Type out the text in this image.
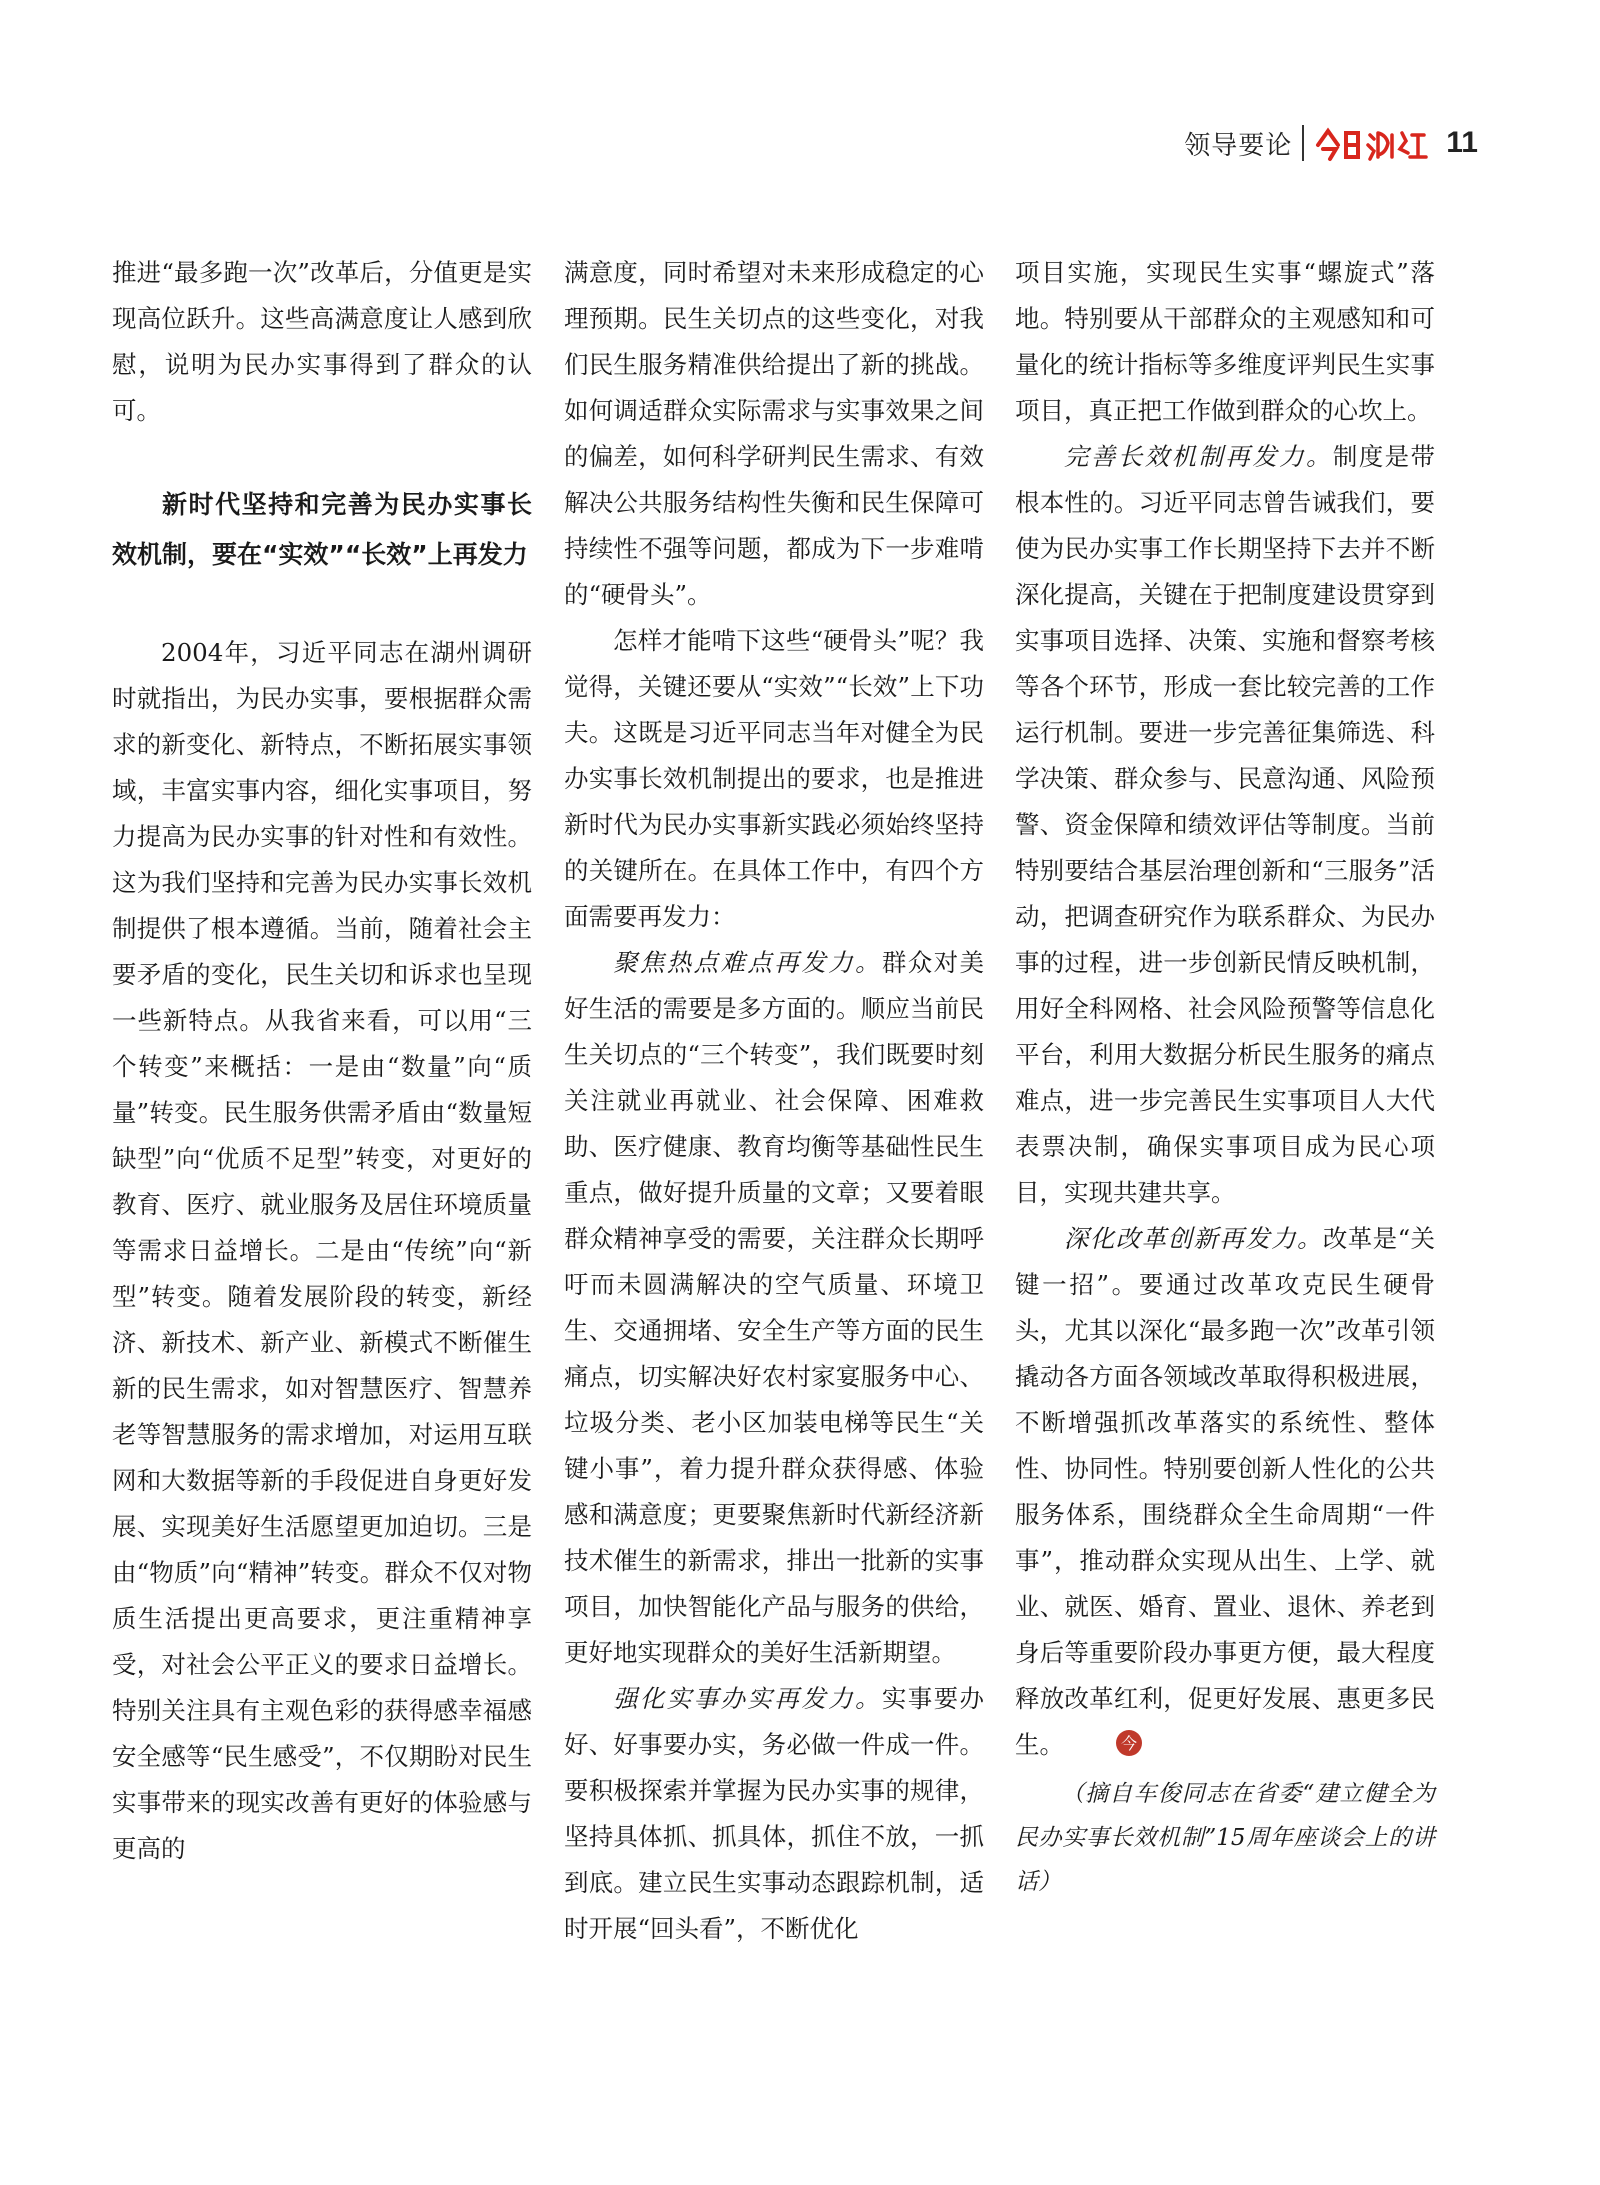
领导要论	11

推进“最多跑一次”改革后，分值更是实现高位跃升。这些高满意度让人感到欣慰，说明为民办实事得到了群众的认可。

新时代坚持和完善为民办实事长效机制，要在“实效”“长效”上再发力

2004年，习近平同志在湖州调研时就指出，为民办实事，要根据群众需求的新变化、新特点，不断拓展实事领域，丰富实事内容，细化实事项目，努力提高为民办实事的针对性和有效性。这为我们坚持和完善为民办实事长效机制提供了根本遵循。当前，随着社会主要矛盾的变化，民生关切和诉求也呈现一些新特点。从我省来看，可以用“三个转变”来概括：一是由“数量”向“质量”转变。民生服务供需矛盾由“数量短缺型”向“优质不足型”转变，对更好的教育、医疗、就业服务及居住环境质量等需求日益增长。二是由“传统”向“新型”转变。随着发展阶段的转变，新经济、新技术、新产业、新模式不断催生新的民生需求，如对智慧医疗、智慧养老等智慧服务的需求增加，对运用互联网和大数据等新的手段促进自身更好发展、实现美好生活愿望更加迫切。三是由“物质”向“精神”转变。群众不仅对物质生活提出更高要求，更注重精神享受，对社会公平正义的要求日益增长。特别关注具有主观色彩的获得感幸福感安全感等“民生感受”，不仅期盼对民生实事带来的现实改善有更好的体验感与更高的

满意度，同时希望对未来形成稳定的心理预期。民生关切点的这些变化，对我们民生服务精准供给提出了新的挑战。如何调适群众实际需求与实事效果之间的偏差，如何科学研判民生需求、有效解决公共服务结构性失衡和民生保障可持续性不强等问题，都成为下一步难啃的“硬骨头”。

怎样才能啃下这些“硬骨头”呢？我觉得，关键还要从“实效”“长效”上下功夫。这既是习近平同志当年对健全为民办实事长效机制提出的要求，也是推进新时代为民办实事新实践必须始终坚持的关键所在。在具体工作中，有四个方面需要再发力：

聚焦热点难点再发力。群众对美好生活的需要是多方面的。顺应当前民生关切点的“三个转变”，我们既要时刻关注就业再就业、社会保障、困难救助、医疗健康、教育均衡等基础性民生重点，做好提升质量的文章；又要着眼群众精神享受的需要，关注群众长期呼吁而未圆满解决的空气质量、环境卫生、交通拥堵、安全生产等方面的民生痛点，切实解决好农村家宴服务中心、垃圾分类、老小区加装电梯等民生“关键小事”，着力提升群众获得感、体验感和满意度；更要聚焦新时代新经济新技术催生的新需求，排出一批新的实事项目，加快智能化产品与服务的供给，更好地实现群众的美好生活新期望。

强化实事办实再发力。实事要办好、好事要办实，务必做一件成一件。要积极探索并掌握为民办实事的规律，坚持具体抓、抓具体，抓住不放，一抓到底。建立民生实事动态跟踪机制，适时开展“回头看”，不断优化

项目实施，实现民生实事“螺旋式”落地。特别要从干部群众的主观感知和可量化的统计指标等多维度评判民生实事项目，真正把工作做到群众的心坎上。

完善长效机制再发力。制度是带根本性的。习近平同志曾告诫我们，要使为民办实事工作长期坚持下去并不断深化提高，关键在于把制度建设贯穿到实事项目选择、决策、实施和督察考核等各个环节，形成一套比较完善的工作运行机制。要进一步完善征集筛选、科学决策、群众参与、民意沟通、风险预警、资金保障和绩效评估等制度。当前特别要结合基层治理创新和“三服务”活动，把调查研究作为联系群众、为民办事的过程，进一步创新民情反映机制，用好全科网格、社会风险预警等信息化平台，利用大数据分析民生服务的痛点难点，进一步完善民生实事项目人大代表票决制，确保实事项目成为民心项目，实现共建共享。

深化改革创新再发力。改革是“关键一招”。要通过改革攻克民生硬骨头，尤其以深化“最多跑一次”改革引领撬动各方面各领域改革取得积极进展，不断增强抓改革落实的系统性、整体性、协同性。特别要创新人性化的公共服务体系，围绕群众全生命周期“一件事”，推动群众实现从出生、上学、就业、就医、婚育、置业、退休、养老到身后等重要阶段办事更方便，最大程度释放改革红利，促更好发展、惠更多民生。	今

（摘自车俊同志在省委“建立健全为民办实事长效机制”15周年座谈会上的讲话）
